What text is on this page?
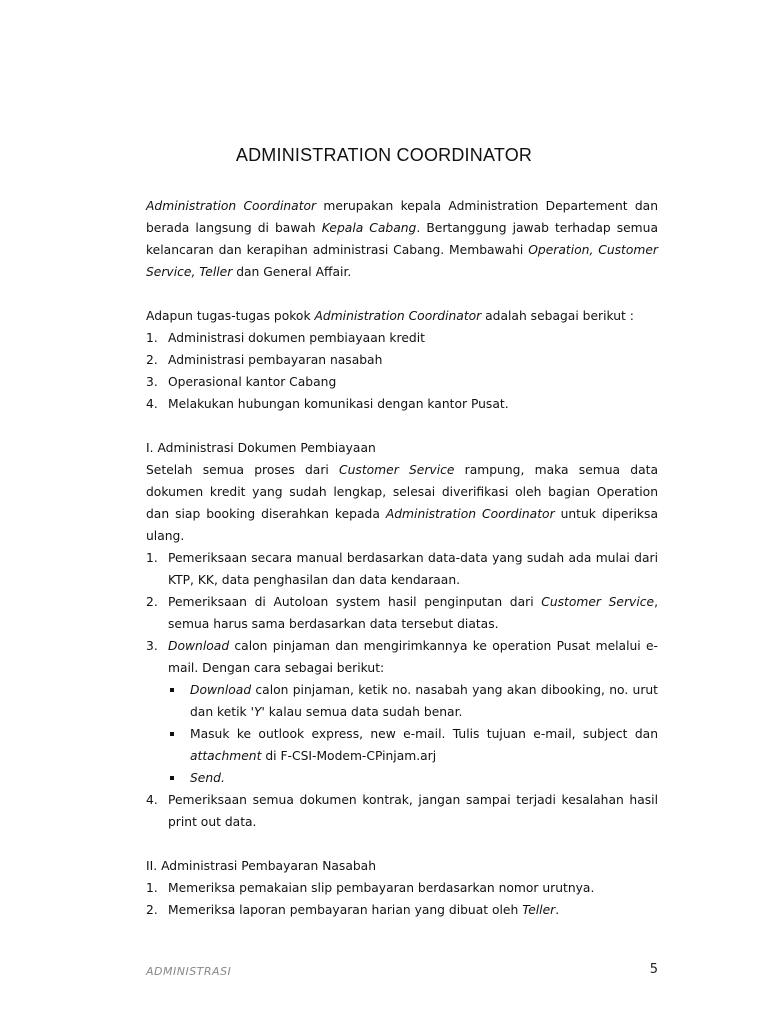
ADMINISTRATION COORDINATOR

Administration Coordinator merupakan kepala Administration Departement dan berada langsung di bawah Kepala Cabang. Bertanggung jawab terhadap semua kelancaran dan kerapihan administrasi Cabang. Membawahi Operation, Customer Service, Teller dan General Affair.

Adapun tugas-tugas pokok Administration Coordinator adalah sebagai berikut :

1. Administrasi dokumen pembiayaan kredit
2. Administrasi pembayaran nasabah
3. Operasional kantor Cabang
4. Melakukan hubungan komunikasi dengan kantor Pusat.

I. Administrasi Dokumen Pembiayaan

Setelah semua proses dari Customer Service rampung, maka semua data dokumen kredit yang sudah lengkap, selesai diverifikasi oleh bagian Operation dan siap booking diserahkan kepada Administration Coordinator untuk diperiksa ulang.

1. Pemeriksaan secara manual berdasarkan data-data yang sudah ada mulai dari KTP, KK, data penghasilan dan data kendaraan.
2. Pemeriksaan di Autoloan system hasil penginputan dari Customer Service, semua harus sama berdasarkan data tersebut diatas.
3. Download calon pinjaman dan mengirimkannya ke operation Pusat melalui e-mail. Dengan cara sebagai berikut:
Download calon pinjaman, ketik no. nasabah yang akan dibooking, no. urut dan ketik 'Y' kalau semua data sudah benar.
Masuk ke outlook express, new e-mail. Tulis tujuan e-mail, subject dan attachment di F-CSI-Modem-CPinjam.arj
Send.
4. Pemeriksaan semua dokumen kontrak, jangan sampai terjadi kesalahan hasil print out data.

II. Administrasi Pembayaran Nasabah

1. Memeriksa pemakaian slip pembayaran berdasarkan nomor urutnya.
2. Memeriksa laporan pembayaran harian yang dibuat oleh Teller.
ADMINISTRASI	5
